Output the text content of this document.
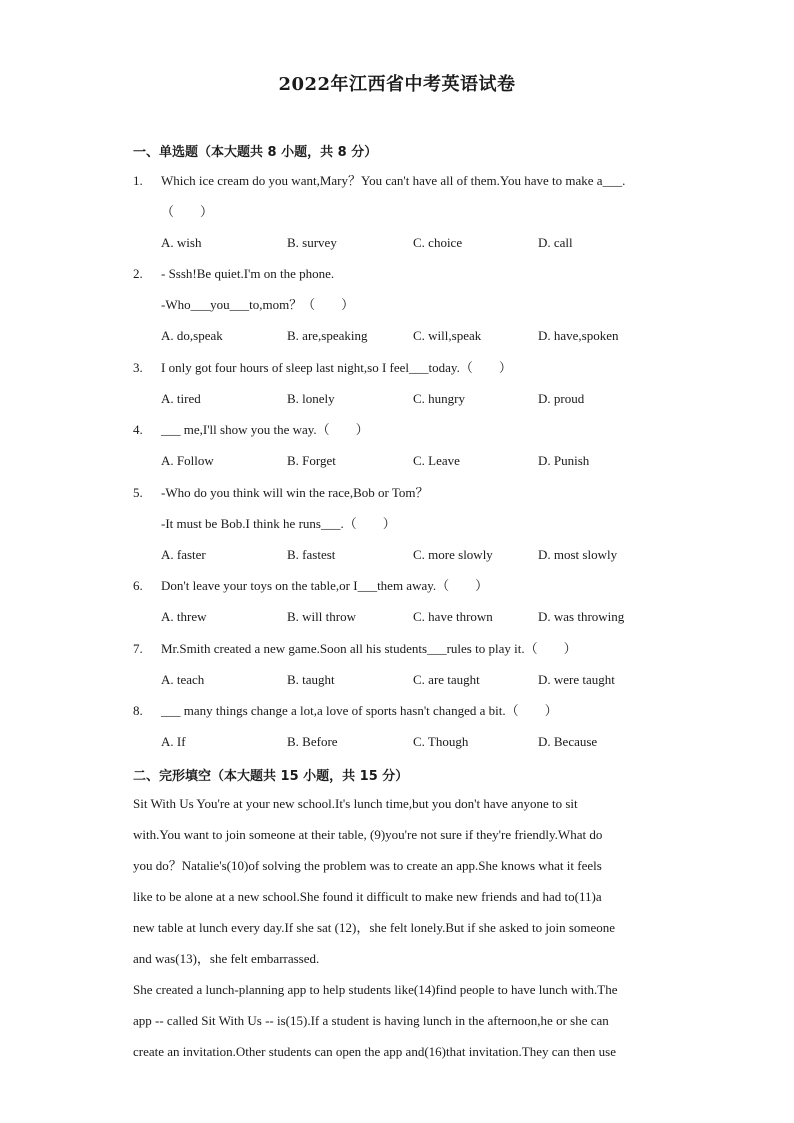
2022年江西省中考英语试卷
一、单选题（本大题共 8 小题，共 8 分）
1.	Which ice cream do you want,Mary？You can't have all of them.You have to make a___.
（　　）
A. wish	B. survey	C. choice	D. call
2.	- Sssh!Be quiet.I'm on the phone.
-Who___you___to,mom？（　　）
A. do,speak	B. are,speaking	C. will,speak	D. have,spoken
3.	I only got four hours of sleep last night,so I feel___today.（　　）
A. tired	B. lonely	C. hungry	D. proud
4.	___ me,I'll show you the way.（　　）
A. Follow	B. Forget	C. Leave	D. Punish
5.	-Who do you think will win the race,Bob or Tom？
-It must be Bob.I think he runs___.（　　）
A. faster	B. fastest	C. more slowly	D. most slowly
6.	Don't leave your toys on the table,or I___them away.（　　）
A. threw	B. will throw	C. have thrown	D. was throwing
7.	Mr.Smith created a new game.Soon all his students___rules to play it.（　　）
A. teach	B. taught	C. are taught	D. were taught
8.	___ many things change a lot,a love of sports hasn't changed a bit.（　　）
A. If	B. Before	C. Though	D. Because
二、完形填空（本大题共 15 小题，共 15 分）
Sit With Us You're at your new school.It's lunch time,but you don't have anyone to sit
with.You want to join someone at their table, (9)you're not sure if they're friendly.What do
you do？Natalie's(10)of solving the problem was to create an app.She knows what it feels
like to be alone at a new school.She found it difficult to make new friends and had to(11)a
new table at lunch every day.If she sat (12)，she felt lonely.But if she asked to join someone
and was(13)，she felt embarrassed.
She created a lunch-planning app to help students like(14)find people to have lunch with.The
app -- called Sit With Us -- is(15).If a student is having lunch in the afternoon,he or she can
create an invitation.Other students can open the app and(16)that invitation.They can then use
